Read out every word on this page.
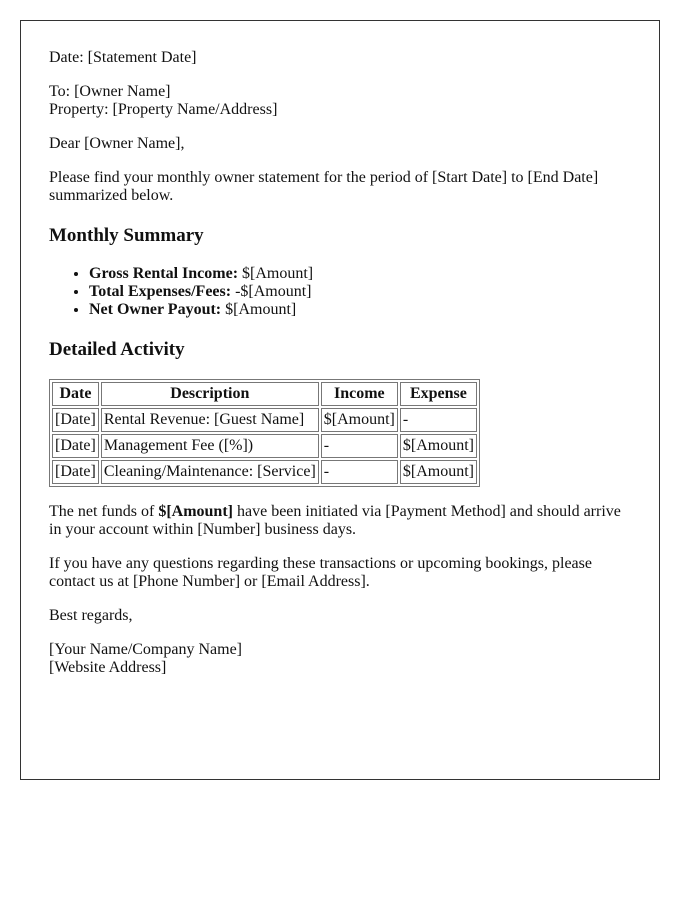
Date: [Statement Date]

To: [Owner Name]
Property: [Property Name/Address]

Dear [Owner Name],

Please find your monthly owner statement for the period of [Start Date] to [End Date] summarized below.

Monthly Summary
• Gross Rental Income: $[Amount]
• Total Expenses/Fees: -$[Amount]
• Net Owner Payout: $[Amount]
Detailed Activity
Date	Description	Income	Expense
[Date]	Rental Revenue: [Guest Name]	$[Amount]	-
[Date]	Management Fee ([%])	-	$[Amount]
[Date]	Cleaning/Maintenance: [Service]	-	$[Amount]

The net funds of $[Amount] have been initiated via [Payment Method] and should arrive in your account within [Number] business days.

If you have any questions regarding these transactions or upcoming bookings, please contact us at [Phone Number] or [Email Address].

Best regards,

[Your Name/Company Name]
[Website Address]
